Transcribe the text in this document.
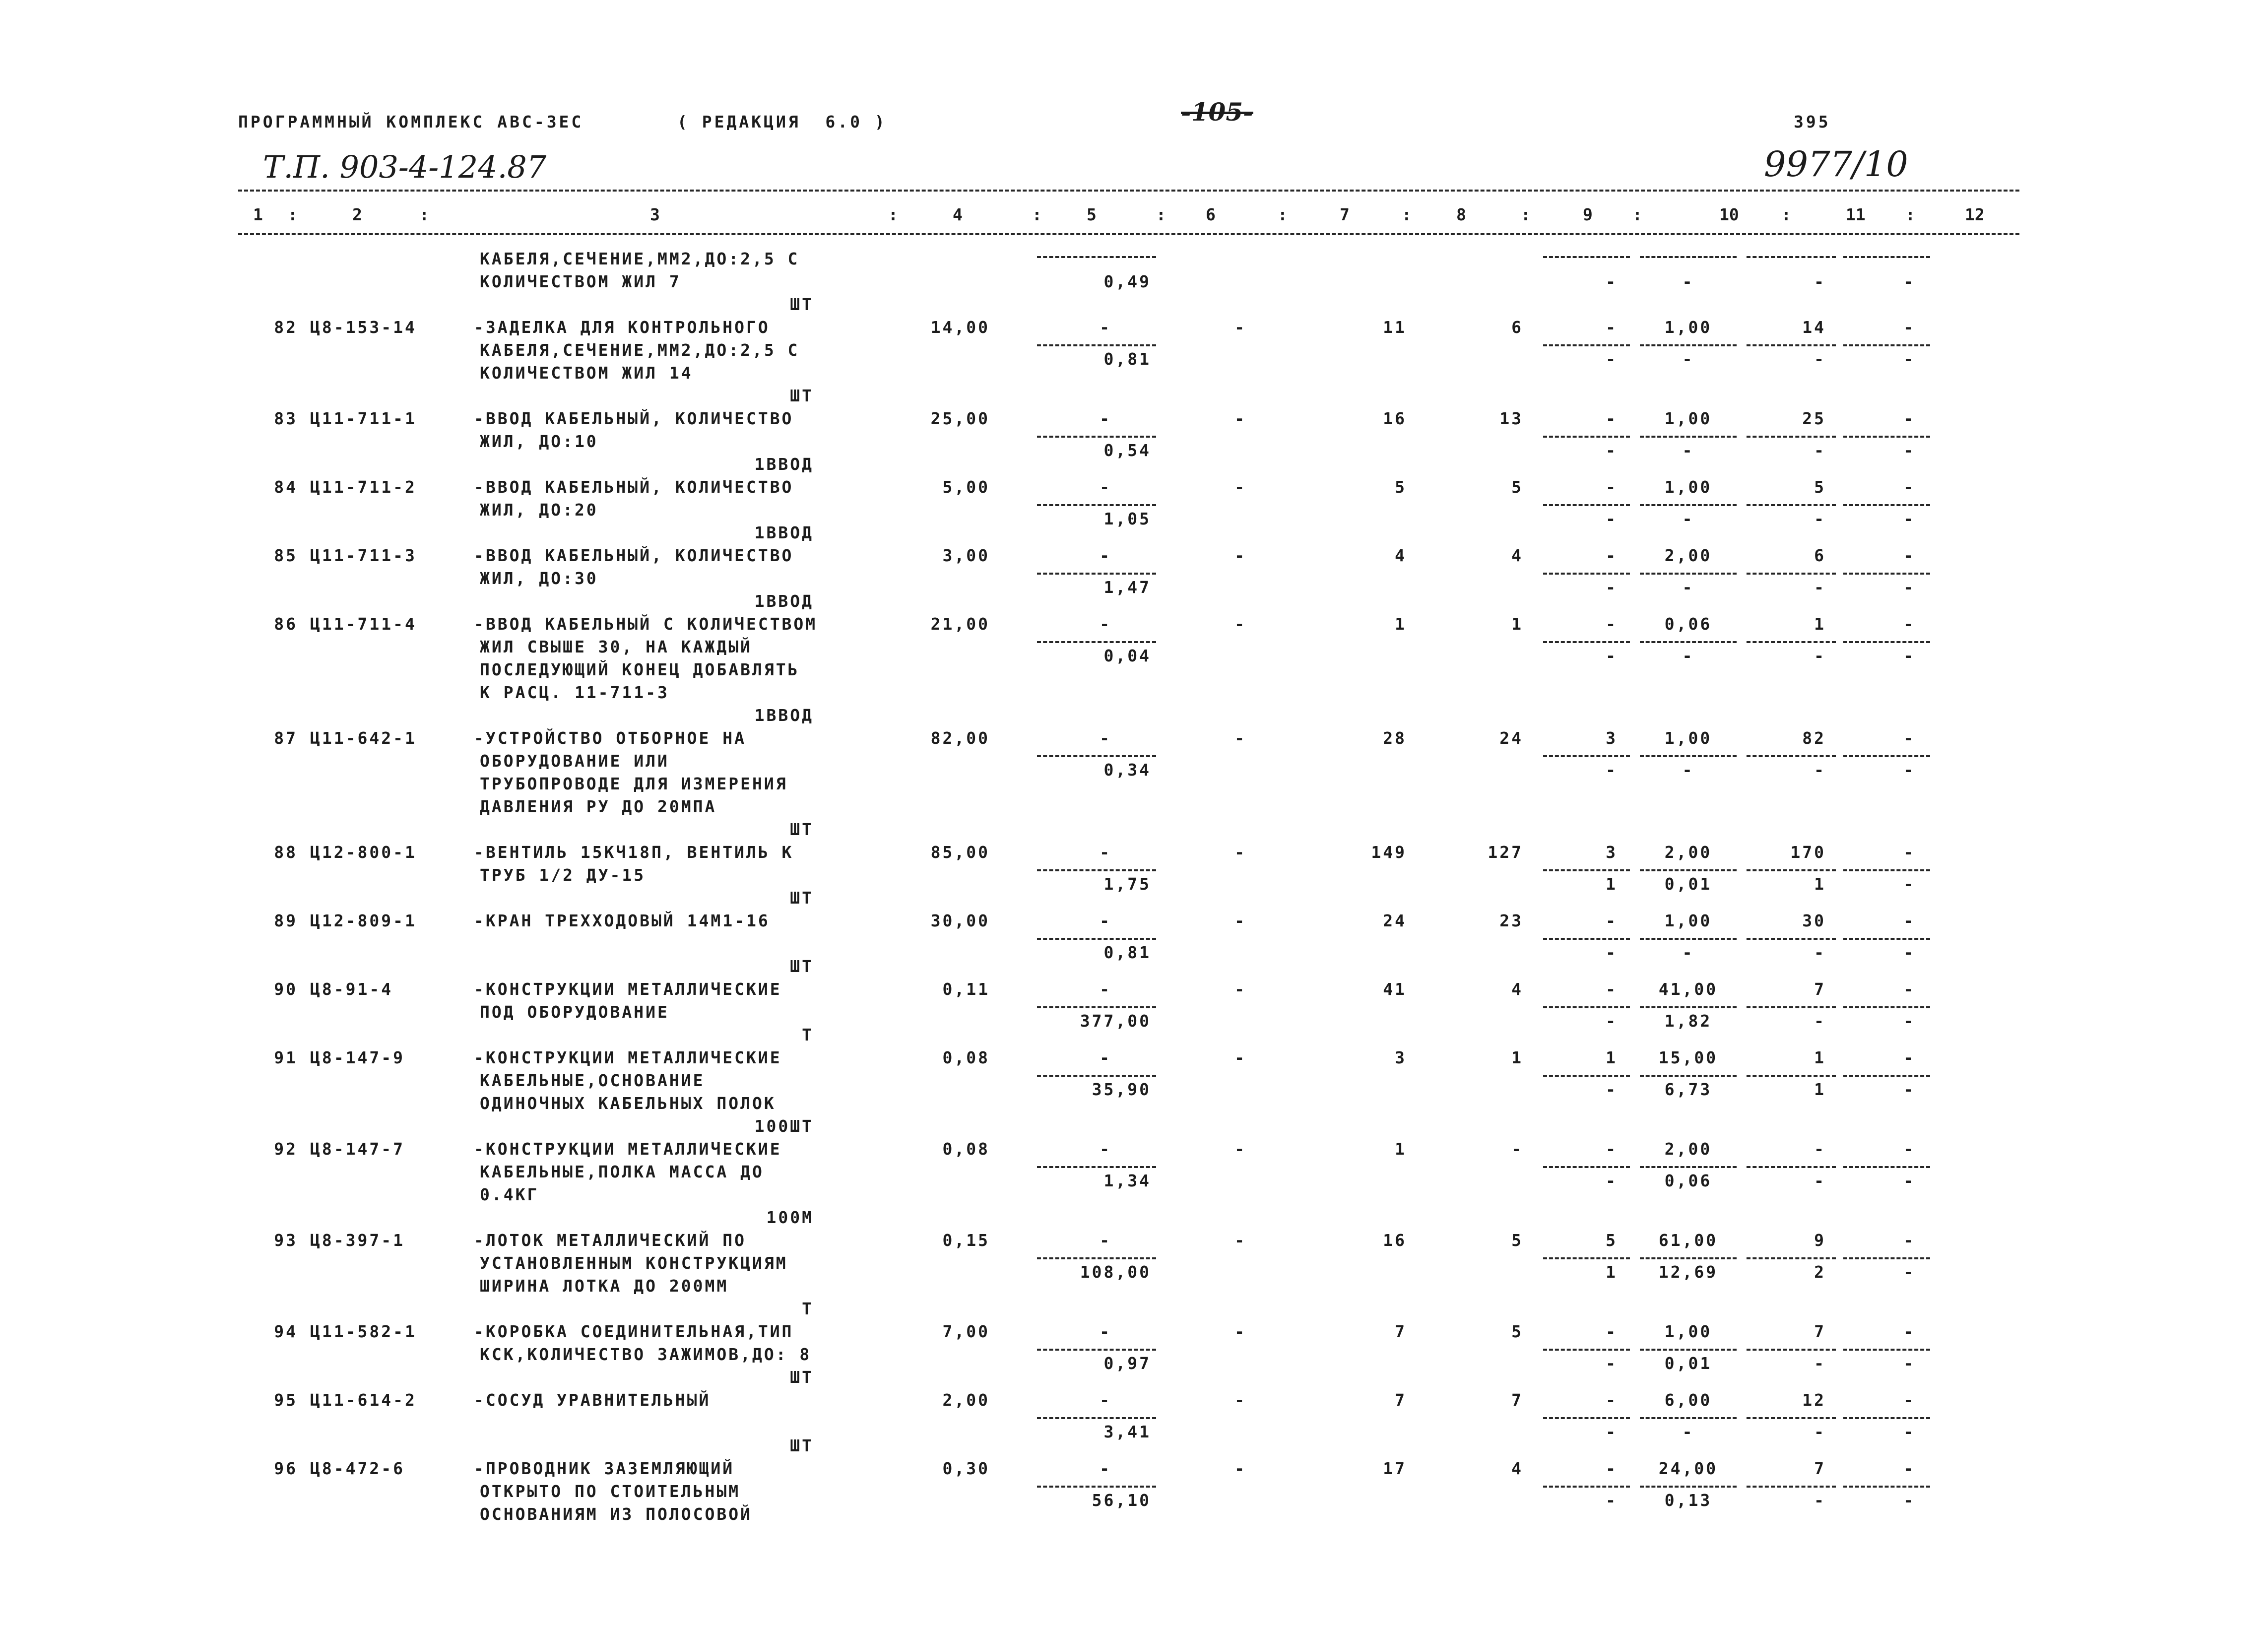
ПРОГРАММНЫЙ КОМПЛЕКС АВС-ЗЕС	( РЕДАКЦИЯ  6.0 )	-105-	395
Т.П. 903-4-124.87	9977/10
1 :	2	:	3	:	4	:	5	: 6	:	7	:	8	:	9 :	10	:	11 :	12
КАБЕЛЯ,СЕЧЕНИЕ,ММ2,ДО:2,5 С
КОЛИЧЕСТВОМ ЖИЛ 7	-	-	-	-
0,49
ШТ
82 Ц8-153-14	-ЗАДЕЛКА ДЛЯ КОНТРОЛЬНОГО
КАБЕЛЯ,СЕЧЕНИЕ,ММ2,ДО:2,5 С
КОЛИЧЕСТВОМ ЖИЛ 14
14,00	-	-	11	6	-	1,00	14	-
0,81	-	-	-	-
ШТ
83 Ц11-711-1	-ВВОД КАБЕЛЬНЫЙ, КОЛИЧЕСТВО
ЖИЛ, ДО:10
25,00	-	-	16	13	-	1,00	25	-
0,54	-	-	-	-
1ВВОД
84 Ц11-711-2	-ВВОД КАБЕЛЬНЫЙ, КОЛИЧЕСТВО
ЖИЛ, ДО:20
5,00	-	-	5	5	-	1,00	5	-
1,05	-	-	-	-
1ВВОД
85 Ц11-711-3	-ВВОД КАБЕЛЬНЫЙ, КОЛИЧЕСТВО
ЖИЛ, ДО:30
3,00	-	-	4	4	-	2,00	6	-
1,47	-	-	-	-
1ВВОД
86 Ц11-711-4	-ВВОД КАБЕЛЬНЫЙ С КОЛИЧЕСТВОМ
ЖИЛ СВЫШЕ 30, НА КАЖДЫЙ
ПОСЛЕДУЮЩИЙ КОНЕЦ ДОБАВЛЯТЬ
К РАСЦ. 11-711-3
21,00	-	-	1	1	-	0,06	1	-
0,04	-	-	-	-
1ВВОД
87 Ц11-642-1	-УСТРОЙСТВО ОТБОРНОЕ НА
ОБОРУДОВАНИЕ ИЛИ
ТРУБОПРОВОДЕ ДЛЯ ИЗМЕРЕНИЯ
ДАВЛЕНИЯ РУ ДО 20МПА
82,00	-	-	28	24	3	1,00	82	-
0,34	-	-	-	-
ШТ
88 Ц12-800-1	-ВЕНТИЛЬ 15КЧ18П, ВЕНТИЛЬ К
ТРУБ 1/2 ДУ-15
85,00	-	-	149	127	3	2,00	170	-
1,75	1	0,01	1	-
ШТ
89 Ц12-809-1	-КРАН ТРЕХХОДОВЫЙ 14М1-16	30,00	-	-	24	23	-	1,00	30	-
0,81	-	-	-	-
ШТ
90 Ц8-91-4	-КОНСТРУКЦИИ МЕТАЛЛИЧЕСКИЕ
ПОД ОБОРУДОВАНИЕ
0,11	-	-	41	4	-	41,00	7	-
377,00	-	1,82	-	-
Т
91 Ц8-147-9	-КОНСТРУКЦИИ МЕТАЛЛИЧЕСКИЕ
КАБЕЛЬНЫЕ,ОСНОВАНИЕ
ОДИНОЧНЫХ КАБЕЛЬНЫХ ПОЛОК
0,08	-	-	3	1	1	15,00	1	-
35,90	-	6,73	1	-
100ШТ
92 Ц8-147-7	-КОНСТРУКЦИИ МЕТАЛЛИЧЕСКИЕ
КАБЕЛЬНЫЕ,ПОЛКА МАССА ДО
0.4КГ
0,08	-	-	1	-	-	2,00	-	-
1,34	-	0,06	-	-
100М
93 Ц8-397-1	-ЛОТОК МЕТАЛЛИЧЕСКИЙ ПО
УСТАНОВЛЕННЫМ КОНСТРУКЦИЯМ
ШИРИНА ЛОТКА ДО 200ММ
0,15	-	-	16	5	5	61,00	9	-
108,00	1	12,69	2	-
Т
94 Ц11-582-1	-КОРОБКА СОЕДИНИТЕЛЬНАЯ,ТИП
КСК,КОЛИЧЕСТВО ЗАЖИМОВ,ДО: 8
7,00	-	-	7	5	-	1,00	7	-
0,97	-	0,01	-	-
ШТ
95 Ц11-614-2	-СОСУД УРАВНИТЕЛЬНЫЙ	2,00	-	-	7	7	-	6,00	12	-
3,41	-	-	-	-
ШТ
96 Ц8-472-6	-ПРОВОДНИК ЗАЗЕМЛЯЮЩИЙ
ОТКРЫТО ПО СТОИТЕЛЬНЫМ
ОСНОВАНИЯМ ИЗ ПОЛОСОВОЙ
0,30	-	-	17	4	-	24,00	7	-
56,10	-	0,13	-	-
